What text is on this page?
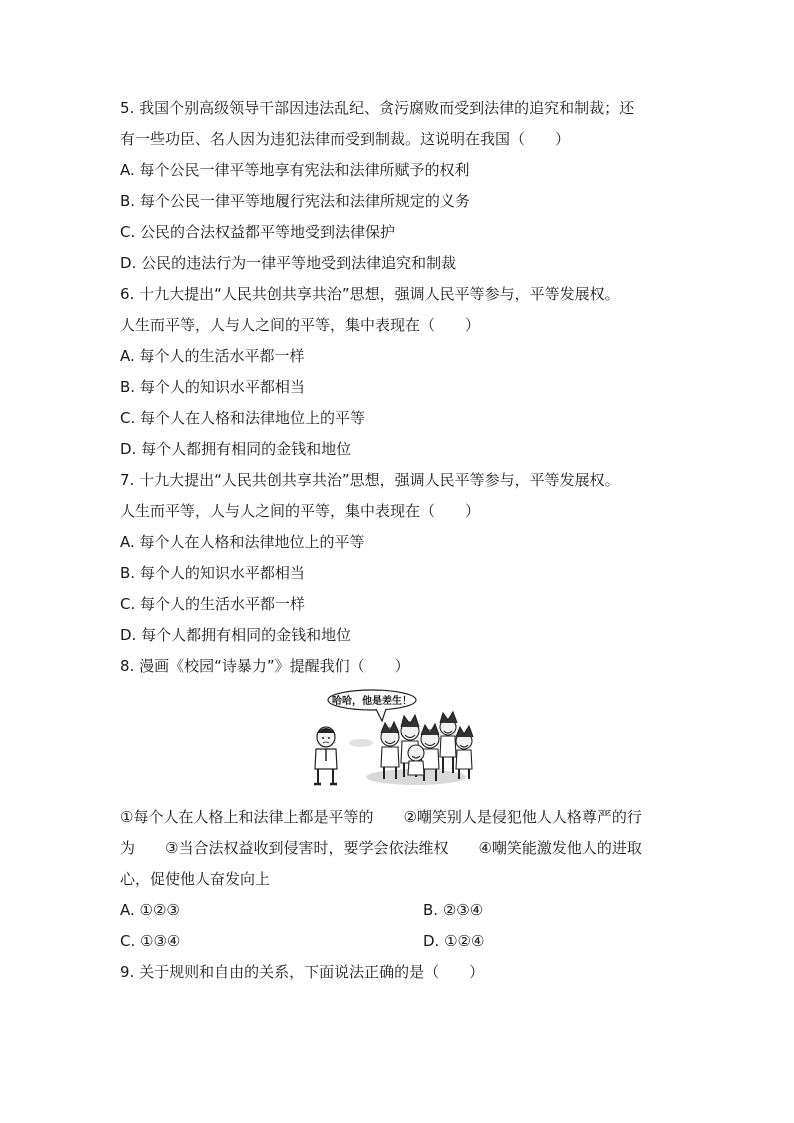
5. 我国个别高级领导干部因违法乱纪、贪污腐败而受到法律的追究和制裁；还
有一些功臣、名人因为违犯法律而受到制裁。这说明在我国（　　）
A. 每个公民一律平等地享有宪法和法律所赋予的权利
B. 每个公民一律平等地履行宪法和法律所规定的义务
C. 公民的合法权益都平等地受到法律保护
D. 公民的违法行为一律平等地受到法律追究和制裁
6. 十九大提出“人民共创共享共治”思想，强调人民平等参与，平等发展权。
人生而平等，人与人之间的平等，集中表现在（　　）
A. 每个人的生活水平都一样
B. 每个人的知识水平都相当
C. 每个人在人格和法律地位上的平等
D. 每个人都拥有相同的金钱和地位
7. 十九大提出“人民共创共享共治”思想，强调人民平等参与，平等发展权。
人生而平等，人与人之间的平等，集中表现在（　　）
A. 每个人在人格和法律地位上的平等
B. 每个人的知识水平都相当
C. 每个人的生活水平都一样
D. 每个人都拥有相同的金钱和地位
8. 漫画《校园“诗暴力”》提醒我们（　　）
哈哈，他是差生！
①每个人在人格上和法律上都是平等的　　②嘲笑别人是侵犯他人人格尊严的行
为　　③当合法权益收到侵害时，要学会依法维权　　④嘲笑能激发他人的进取
心，促使他人奋发向上
A. ①②③	B. ②③④
C. ①③④	D. ①②④
9. 关于规则和自由的关系，下面说法正确的是（　　）
